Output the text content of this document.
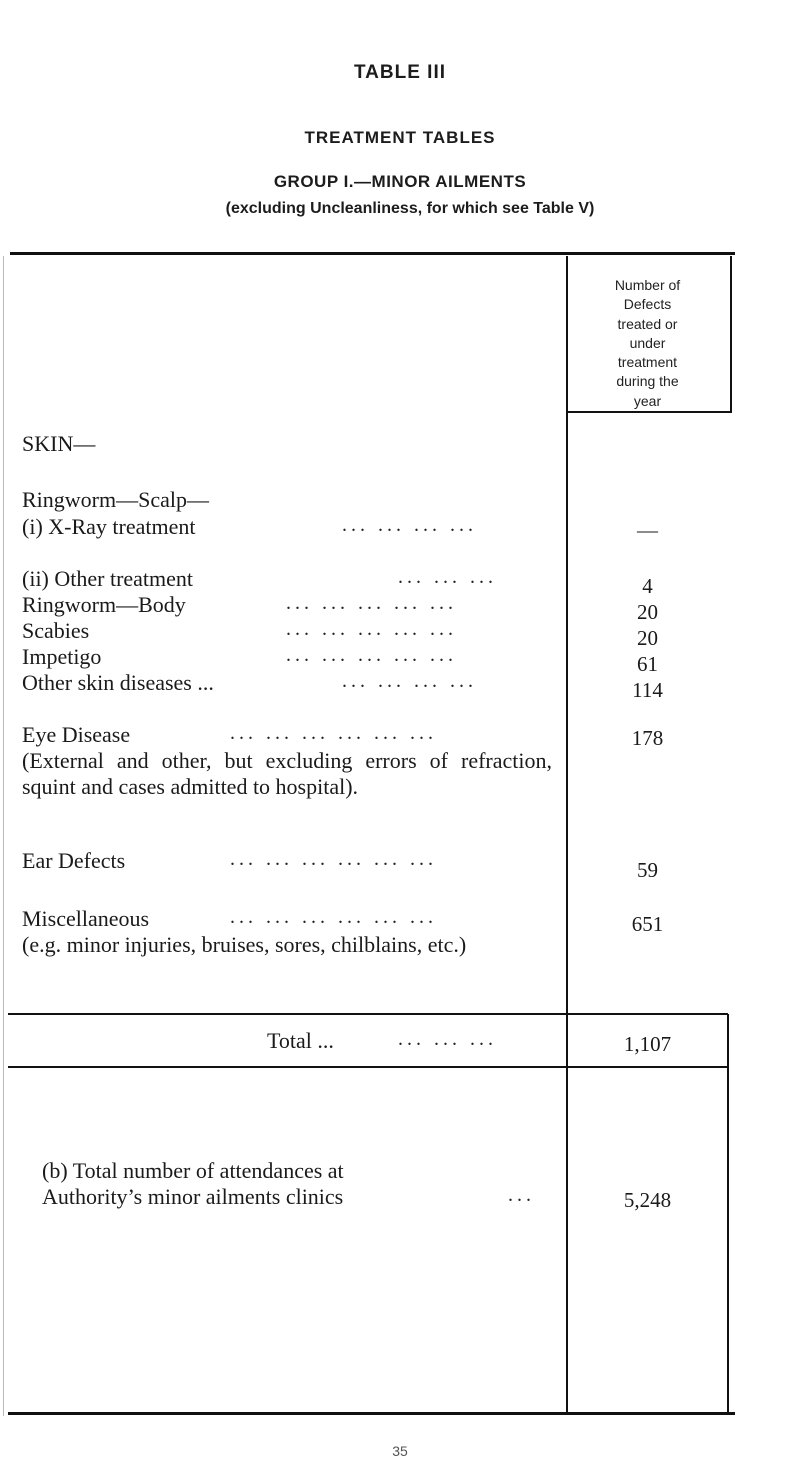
TABLE III
TREATMENT TABLES
GROUP I.—MINOR AILMENTS
(excluding Uncleanliness, for which see Table V)
Number of
Defects
treated or
under
treatment
during the
year
SKIN—
Ringworm—Scalp—
(i) X-Ray treatment	... ... ... ...	—
(ii) Other treatment	... ... ...	4
Ringworm—Body	... ... ... ... ...	20
Scabies	... ... ... ... ...	20
Impetigo	... ... ... ... ...	61
Other skin diseases ...	... ... ... ...	114
Eye Disease	... ... ... ... ... ...	178
(External and other, but excluding errors of refraction, squint and cases admitted to hospital).
Ear Defects	... ... ... ... ... ...	59
Miscellaneous	... ... ... ... ... ...	651
(e.g. minor injuries, bruises, sores, chilblains, etc.)
Total ...	... ... ...	1,107
(b) Total number of attendances at
Authority’s minor ailments clinics	...	5,248
35
